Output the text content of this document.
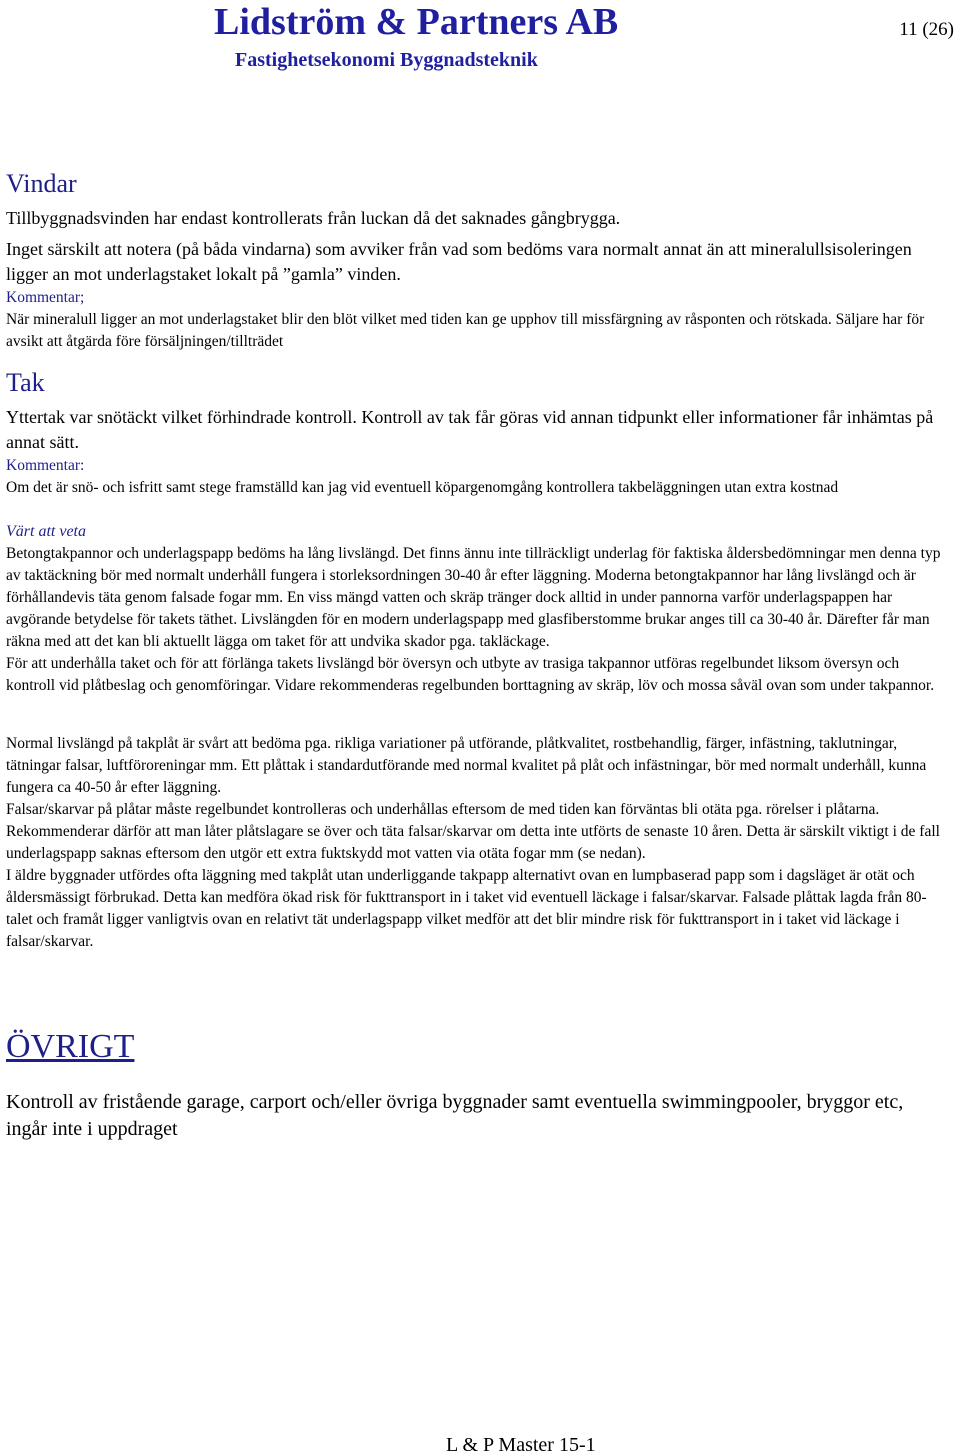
Lidström & Partners AB
Fastighetsekonomi Byggnadsteknik
11 (26)
Vindar

Tillbyggnadsvinden har endast kontrollerats från luckan då det saknades gångbrygga.

Inget särskilt att notera (på båda vindarna) som avviker från vad som bedöms vara normalt annat än att mineralullsisoleringen ligger an mot underlagstaket lokalt på ”gamla” vinden.

Kommentar;

När mineralull ligger an mot underlagstaket blir den blöt vilket med tiden kan ge upphov till missfärgning av råsponten och rötskada. Säljare har för avsikt att åtgärda före försäljningen/tillträdet

Tak

Yttertak var snötäckt vilket förhindrade kontroll. Kontroll av tak får göras vid annan tidpunkt eller informationer får inhämtas på annat sätt.

Kommentar:

Om det är snö- och isfritt samt stege framställd kan jag vid eventuell köpargenomgång kontrollera takbeläggningen utan extra kostnad

Värt att veta

Betongtakpannor och underlagspapp bedöms ha lång livslängd. Det finns ännu inte tillräckligt underlag för faktiska åldersbedömningar men denna typ av taktäckning bör med normalt underhåll fungera i storleksordningen 30-40 år efter läggning. Moderna betongtakpannor har lång livslängd och är förhållandevis täta genom falsade fogar mm. En viss mängd vatten och skräp tränger dock alltid in under pannorna varför underlagspappen har avgörande betydelse för takets täthet. Livslängden för en modern underlagspapp med glasfiberstomme brukar anges till ca 30-40 år. Därefter får man räkna med att det kan bli aktuellt lägga om taket för att undvika skador pga. takläckage.

För att underhålla taket och för att förlänga takets livslängd bör översyn och utbyte av trasiga takpannor utföras regelbundet liksom översyn och kontroll vid plåtbeslag och genomföringar. Vidare rekommenderas regelbunden borttagning av skräp, löv och mossa såväl ovan som under takpannor.

Normal livslängd på takplåt är svårt att bedöma pga. rikliga variationer på utförande, plåtkvalitet, rostbehandlig, färger, infästning, taklutningar, tätningar falsar, luftföroreningar mm. Ett plåttak i standardutförande med normal kvalitet på plåt och infästningar, bör med normalt underhåll, kunna fungera ca 40-50 år efter läggning.

Falsar/skarvar på plåtar måste regelbundet kontrolleras och underhållas eftersom de med tiden kan förväntas bli otäta pga. rörelser i plåtarna. Rekommenderar därför att man låter plåtslagare se över och täta falsar/skarvar om detta inte utförts de senaste 10 åren. Detta är särskilt viktigt i de fall underlagspapp saknas eftersom den utgör ett extra fuktskydd mot vatten via otäta fogar mm (se nedan).

I äldre byggnader utfördes ofta läggning med takplåt utan underliggande takpapp alternativt ovan en lumpbaserad papp som i dagsläget är otät och åldersmässigt förbrukad. Detta kan medföra ökad risk för fukttransport in i taket vid eventuell läckage i falsar/skarvar. Falsade plåttak lagda från 80-talet och framåt ligger vanligtvis ovan en relativt tät underlagspapp vilket medför att det blir mindre risk för fukttransport in i taket vid läckage i falsar/skarvar.

ÖVRIGT

Kontroll av fristående garage, carport och/eller övriga byggnader samt eventuella swimmingpooler, bryggor etc, ingår inte i uppdraget

L & P Master 15-1
